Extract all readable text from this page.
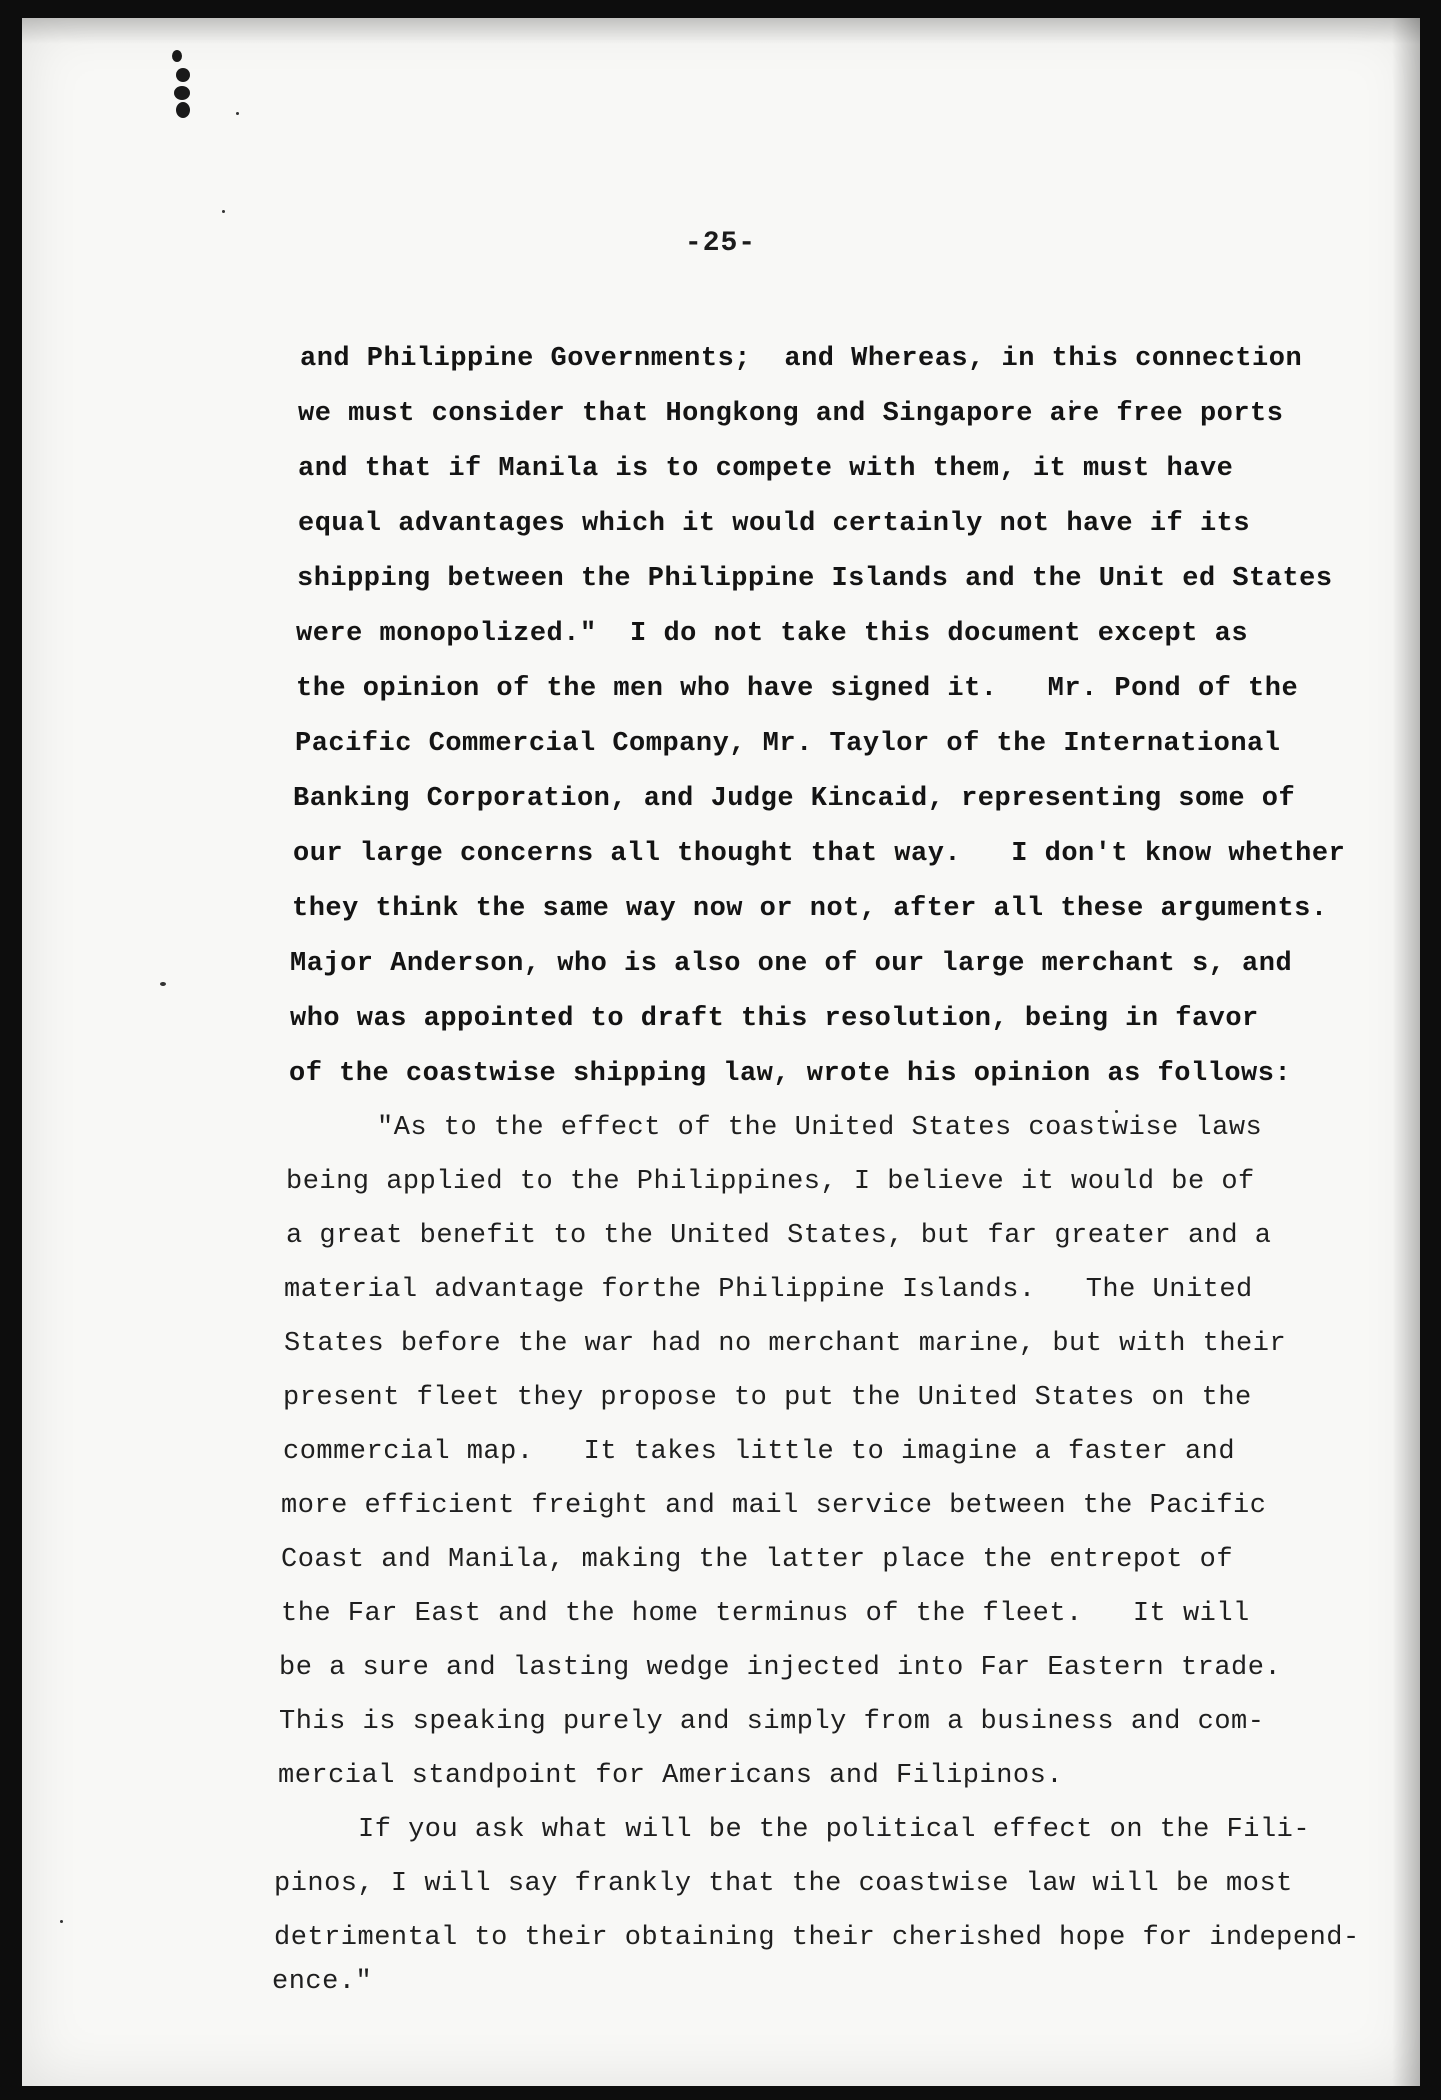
-25-
and Philippine Governments;  and Whereas, in this connection
we must consider that Hongkong and Singapore are free ports
and that if Manila is to compete with them, it must have
equal advantages which it would certainly not have if its
shipping between the Philippine Islands and the Unit ed States
were monopolized."  I do not take this document except as
the opinion of the men who have signed it.   Mr. Pond of the
Pacific Commercial Company, Mr. Taylor of the International
Banking Corporation, and Judge Kincaid, representing some of
our large concerns all thought that way.   I don't know whether
they think the same way now or not, after all these arguments.
Major Anderson, who is also one of our large merchant s, and
who was appointed to draft this resolution, being in favor
of the coastwise shipping law, wrote his opinion as follows:
"As to the effect of the United States coastwise laws
being applied to the Philippines, I believe it would be of
a great benefit to the United States, but far greater and a
material advantage forthe Philippine Islands.   The United
States before the war had no merchant marine, but with their
present fleet they propose to put the United States on the
commercial map.   It takes little to imagine a faster and
more efficient freight and mail service between the Pacific
Coast and Manila, making the latter place the entrepot of
the Far East and the home terminus of the fleet.   It will
be a sure and lasting wedge injected into Far Eastern trade.
This is speaking purely and simply from a business and com-
mercial standpoint for Americans and Filipinos.
If you ask what will be the political effect on the Fili-
pinos, I will say frankly that the coastwise law will be most
detrimental to their obtaining their cherished hope for independ-
ence."
